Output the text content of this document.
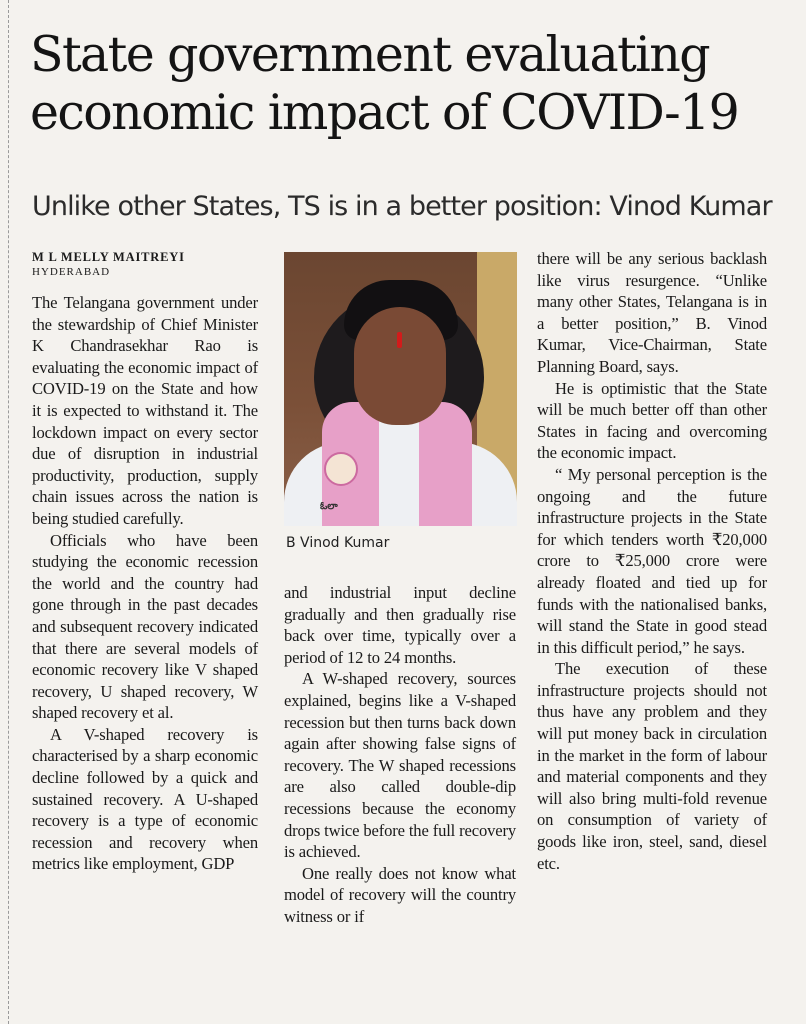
State government evaluating
economic impact of COVID-19
Unlike other States, TS is in a better position: Vinod Kumar
M L MELLY MAITREYI
HYDERABAD

The Telangana government under the stewardship of Chief Minister K Chandrasekhar Rao is evaluating the economic impact of COVID-19 on the State and how it is expected to withstand it. The lockdown impact on every sector due of disruption in industrial productivity, production, supply chain issues across the nation is being studied carefully.

Officials who have been studying the economic recession the world and the country had gone through in the past decades and subsequent recovery indicated that there are several models of economic recovery like V shaped recovery, U shaped recovery, W shaped recovery et al.

A V-shaped recovery is characterised by a sharp economic decline followed by a quick and sustained recovery. A U-shaped recovery is a type of economic recession and recovery when metrics like employment, GDP

ఓలా
B Vinod Kumar

and industrial input decline gradually and then gradually rise back over time, typically over a period of 12 to 24 months.

A W-shaped recovery, sources explained, begins like a V-shaped recession but then turns back down again after showing false signs of recovery. The W shaped recessions are also called double-dip recessions because the economy drops twice before the full recovery is achieved.

One really does not know what model of recovery will the country witness or if

there will be any serious backlash like virus resurgence. “Unlike many other States, Telangana is in a better position,” B. Vinod Kumar, Vice-Chairman, State Planning Board, says.

He is optimistic that the State will be much better off than other States in facing and overcoming the economic impact.

“ My personal perception is the ongoing and the future infrastructure projects in the State for which tenders worth ₹20,000 crore to ₹25,000 crore were already floated and tied up for funds with the nationalised banks, will stand the State in good stead in this difficult period,” he says.

The execution of these infrastructure projects should not thus have any problem and they will put money back in circulation in the market in the form of labour and material components and they will also bring multi-fold revenue on consumption of variety of goods like iron, steel, sand, diesel etc.
